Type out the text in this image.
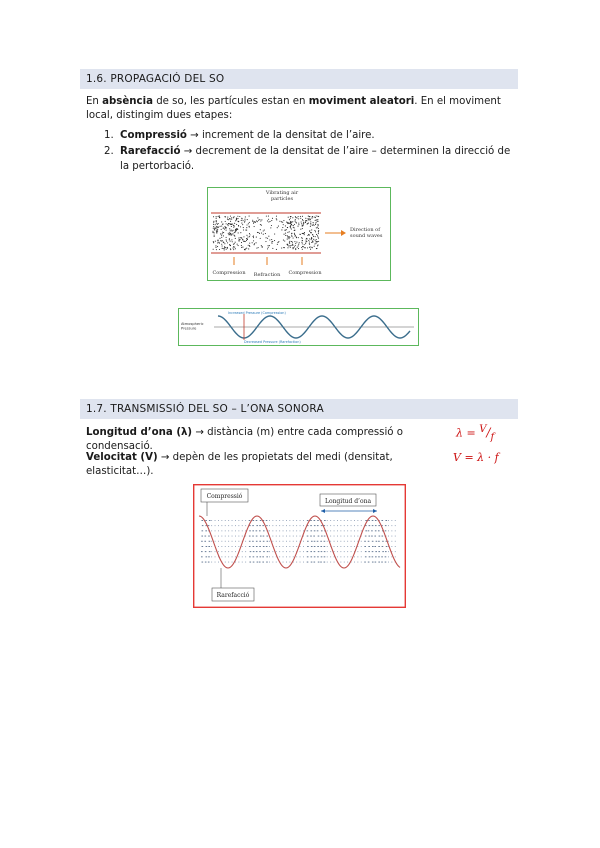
1.6. PROPAGACIÓ DEL SO
En absència de so, les partícules estan en moviment aleatori. En el moviment local, distingim dues etapes:
1. Compressió → increment de la densitat de l’aire.
2. Rarefacció → decrement de la densitat de l’aire – determinen la direcció de la pertorbació.
Vibrating air particles
Direction of sound waves
Compression Refraction Compression
Atmospheric Pressure
Increased Pressure (Compression)
Decreased Pressure (Rarefaction)
1.7. TRANSMISSIÓ DEL SO – L’ONA SONORA
Longitud d’ona (λ) → distància (m) entre cada compressió o condensació.
$\lambda = ^V/_f$
Velocitat (V) → depèn de les propietats del medi (densitat, elasticitat…).
V = λ · f
Compressió
Longitud d’ona
Rarefacció
